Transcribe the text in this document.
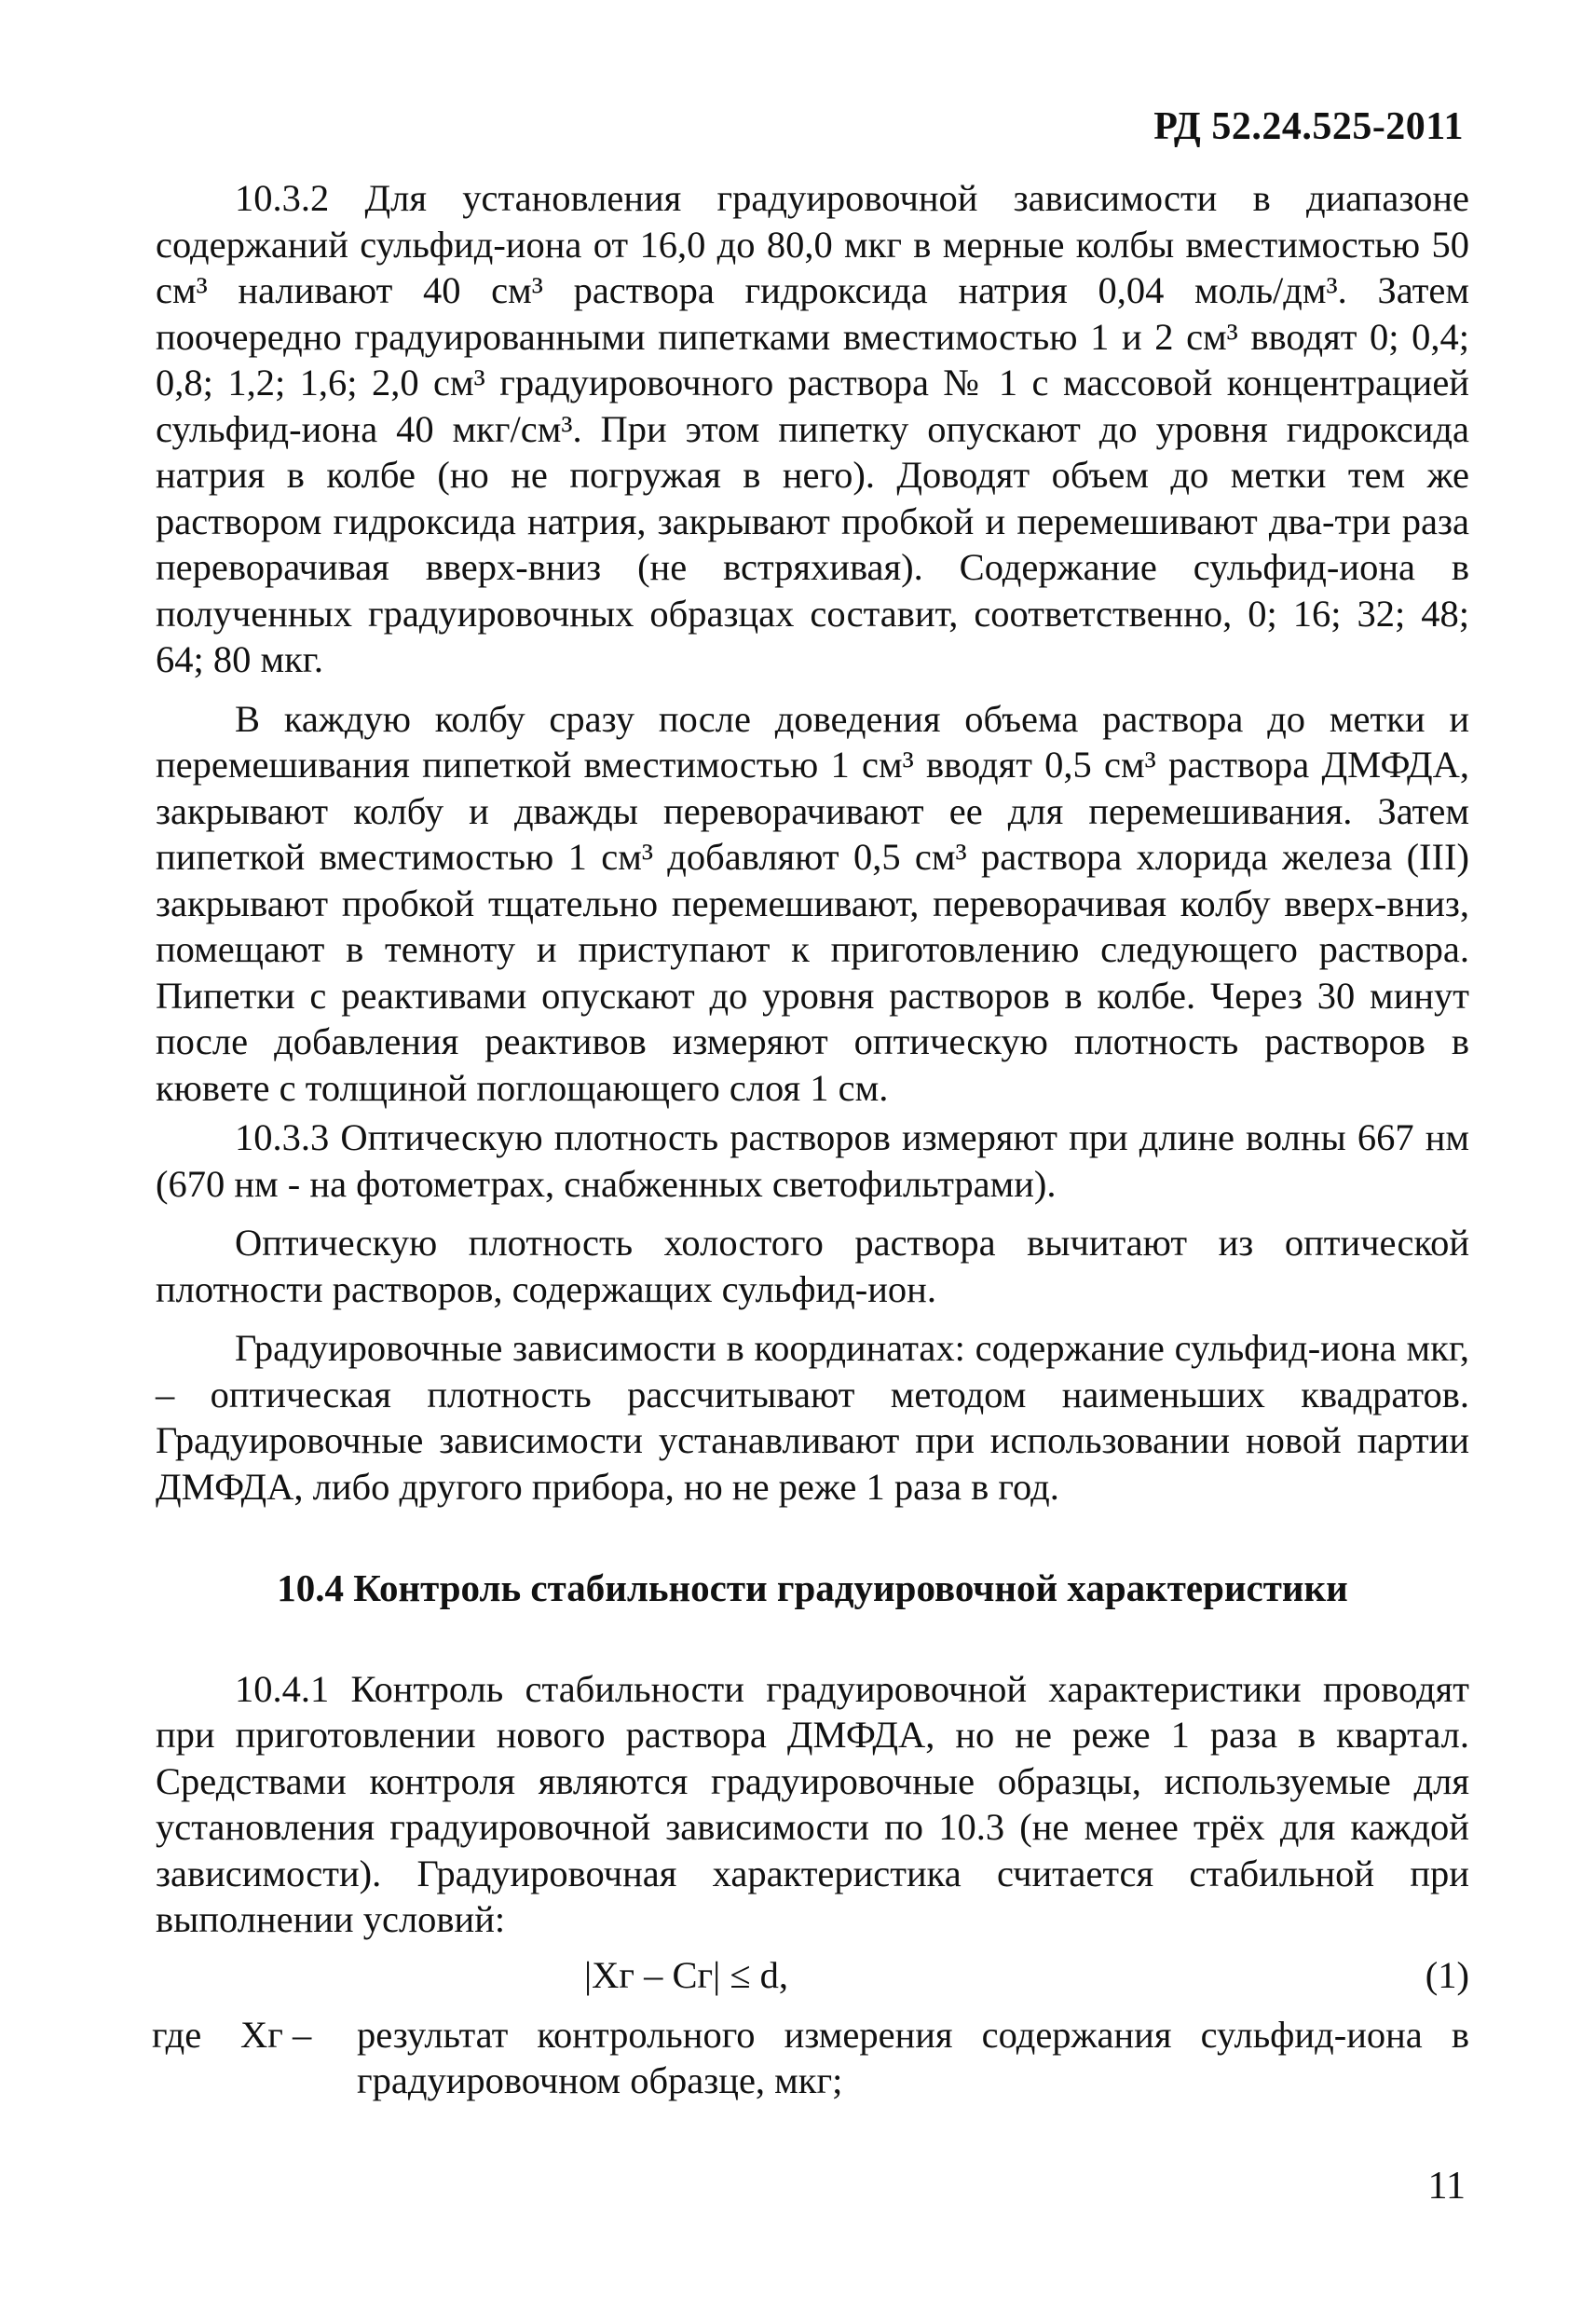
РД 52.24.525-2011

10.3.2 Для установления градуировочной зависимости в диапазоне содержаний сульфид-иона от 16,0 до 80,0 мкг в мерные колбы вместимостью 50 см³ наливают 40 см³ раствора гидроксида натрия 0,04 моль/дм³. Затем поочередно градуированными пипетками вместимостью 1 и 2 см³ вводят 0; 0,4; 0,8; 1,2; 1,6; 2,0 см³ градуировочного раствора № 1 с массовой концентрацией сульфид-иона 40 мкг/см³. При этом пипетку опускают до уровня гидроксида натрия в колбе (но не погружая в него). Доводят объем до метки тем же раствором гидроксида натрия, закрывают пробкой и перемешивают два-три раза переворачивая вверх-вниз (не встряхивая). Содержание сульфид-иона в полученных градуировочных образцах составит, соответственно, 0; 16; 32; 48; 64; 80 мкг.

В каждую колбу сразу после доведения объема раствора до метки и перемешивания пипеткой вместимостью 1 см³ вводят 0,5 см³ раствора ДМФДА, закрывают колбу и дважды переворачивают ее для перемешивания. Затем пипеткой вместимостью 1 см³ добавляют 0,5 см³ раствора хлорида железа (III) закрывают пробкой тщательно перемешивают, переворачивая колбу вверх-вниз, помещают в темноту и приступают к приготовлению следующего раствора. Пипетки с реактивами опускают до уровня растворов в колбе. Через 30 минут после добавления реактивов измеряют оптическую плотность растворов в кювете с толщиной поглощающего слоя 1 см.

10.3.3 Оптическую плотность растворов измеряют при длине волны 667 нм (670 нм - на фотометрах, снабженных светофильтрами).

Оптическую плотность холостого раствора вычитают из оптической плотности растворов, содержащих сульфид-ион.

Градуировочные зависимости в координатах: содержание сульфид-иона мкг, – оптическая плотность рассчитывают методом наименьших квадратов. Градуировочные зависимости устанавливают при использовании новой партии ДМФДА, либо другого прибора, но не реже 1 раза в год.

10.4 Контроль стабильности градуировочной характеристики

10.4.1 Контроль стабильности градуировочной характеристики проводят при приготовлении нового раствора ДМФДА, но не реже 1 раза в квартал. Средствами контроля являются градуировочные образцы, используемые для установления градуировочной зависимости по 10.3 (не менее трёх для каждой зависимости). Градуировочная характеристика считается стабильной при выполнении условий:

|Xг – Cг| ≤ d,	(1)
где	Xг –	результат контрольного измерения содержания сульфид-иона в градуировочном образце, мкг;
11
